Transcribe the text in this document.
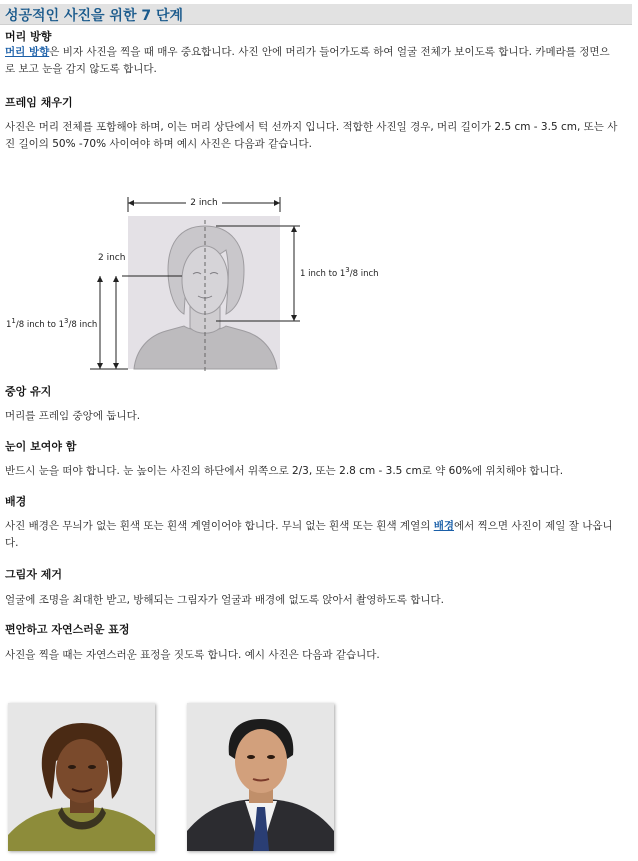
성공적인 사진을 위한 7 단계
머리 방향
머리 방향은 비자 사진을 찍을 때 매우 중요합니다. 사진 안에 머리가 들어가도록 하여 얼굴 전체가 보이도록 합니다. 카메라를 정면으
로 보고 눈을 감지 않도록 합니다.
프레임 채우기
사진은 머리 전체를 포함해야 하며, 이는 머리 상단에서 턱 선까지 입니다. 적합한 사진일 경우, 머리 길이가 2.5 cm - 3.5 cm, 또는 사
진 길이의 50% -70% 사이여야 하며 예시 사진은 다음과 같습니다.
2 inch
2 inch
$1^1/8$ inch to $1^3/8$ inch
1 inch to $1^3/8$ inch
중앙 유지
머리를 프레임 중앙에 둡니다.
눈이 보여야 함
반드시 눈을 떠야 합니다. 눈 높이는 사진의 하단에서 위쪽으로 2/3, 또는 2.8 cm - 3.5 cm로 약 60%에 위치해야 합니다.
배경
사진 배경은 무늬가 없는 흰색 또는 흰색 계열이어야 합니다. 무늬 없는 흰색 또는 흰색 계열의 배경에서 찍으면 사진이 제일 잘 나옵니
다.
그림자 제거
얼굴에 조명을 최대한 받고, 방해되는 그림자가 얼굴과 배경에 없도록 앉아서 촬영하도록 합니다.
편안하고 자연스러운 표정
사진을 찍을 때는 자연스러운 표정을 짓도록 합니다. 예시 사진은 다음과 같습니다.
